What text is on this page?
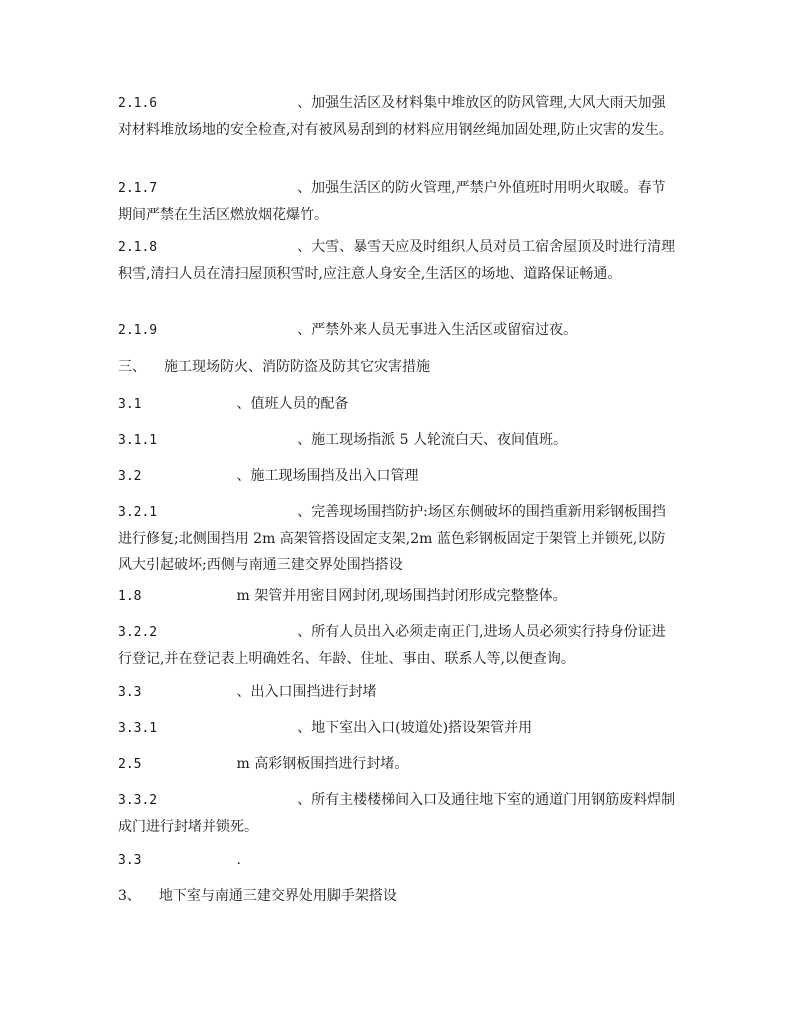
2.1.6	、加强生活区及材料集中堆放区的防风管理,大风大雨天加强对材料堆放场地的安全检查,对有被风易刮到的材料应用钢丝绳加固处理,防止灾害的发生。

2.1.7	、加强生活区的防火管理,严禁户外值班时用明火取暖。春节期间严禁在生活区燃放烟花爆竹。

2.1.8	、大雪、暴雪天应及时组织人员对员工宿舍屋顶及时进行清理积雪,清扫人员在清扫屋顶积雪时,应注意人身安全,生活区的场地、道路保证畅通。

2.1.9	、严禁外来人员无事进入生活区或留宿过夜。

三、 施工现场防火、消防防盗及防其它灾害措施

3.1	、值班人员的配备

3.1.1	、施工现场指派 5 人轮流白天、夜间值班。

3.2	、施工现场围挡及出入口管理

3.2.1	、完善现场围挡防护:场区东侧破坏的围挡重新用彩钢板围挡进行修复;北侧围挡用 2m 高架管搭设固定支架,2m 蓝色彩钢板固定于架管上并锁死,以防风大引起破坏;西侧与南通三建交界处围挡搭设

1.8	m 架管并用密目网封闭,现场围挡封闭形成完整整体。

3.2.2	、所有人员出入必须走南正门,进场人员必须实行持身份证进行登记,并在登记表上明确姓名、年龄、住址、事由、联系人等,以便查询。

3.3	、出入口围挡进行封堵

3.3.1	、地下室出入口(坡道处)搭设架管并用

2.5	m 高彩钢板围挡进行封堵。

3.3.2	、所有主楼楼梯间入口及通往地下室的通道门用钢筋废料焊制成门进行封堵并锁死。

3.3	.

3、 地下室与南通三建交界处用脚手架搭设
